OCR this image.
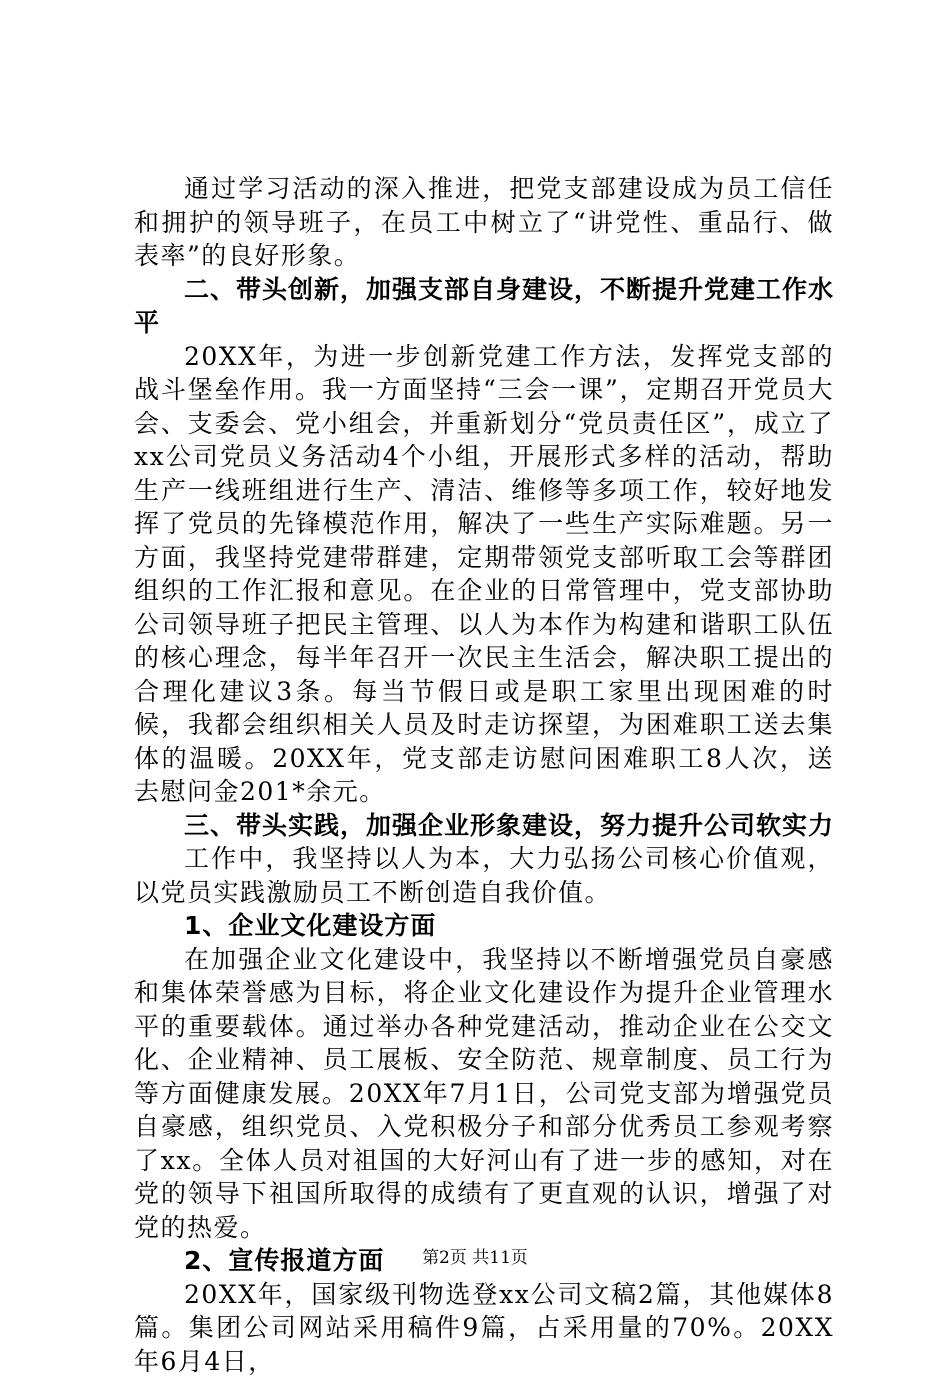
通过学习活动的深入推进，把党支部建设成为员工信任和拥护的领导班子，在员工中树立了“讲党性、重品行、做表率”的良好形象。

二、带头创新，加强支部自身建设，不断提升党建工作水平

20XX年，为进一步创新党建工作方法，发挥党支部的战斗堡垒作用。我一方面坚持“三会一课”，定期召开党员大会、支委会、党小组会，并重新划分“党员责任区”，成立了xx公司党员义务活动4个小组，开展形式多样的活动，帮助生产一线班组进行生产、清洁、维修等多项工作，较好地发挥了党员的先锋模范作用，解决了一些生产实际难题。另一方面，我坚持党建带群建，定期带领党支部听取工会等群团组织的工作汇报和意见。在企业的日常管理中，党支部协助公司领导班子把民主管理、以人为本作为构建和谐职工队伍的核心理念，每半年召开一次民主生活会，解决职工提出的合理化建议3条。每当节假日或是职工家里出现困难的时候，我都会组织相关人员及时走访探望，为困难职工送去集体的温暖。20XX年，党支部走访慰问困难职工8人次，送去慰问金201*余元。

三、带头实践，加强企业形象建设，努力提升公司软实力

工作中，我坚持以人为本，大力弘扬公司核心价值观，以党员实践激励员工不断创造自我价值。

1、企业文化建设方面

在加强企业文化建设中，我坚持以不断增强党员自豪感和集体荣誉感为目标，将企业文化建设作为提升企业管理水平的重要载体。通过举办各种党建活动，推动企业在公交文化、企业精神、员工展板、安全防范、规章制度、员工行为等方面健康发展。20XX年7月1日，公司党支部为增强党员自豪感，组织党员、入党积极分子和部分优秀员工参观考察了xx。全体人员对祖国的大好河山有了进一步的感知，对在党的领导下祖国所取得的成绩有了更直观的认识，增强了对党的热爱。

2、宣传报道方面

20XX年，国家级刊物选登xx公司文稿2篇，其他媒体8篇。集团公司网站采用稿件9篇，占采用量的70%。20XX年6月4日，

第2页 共11页
